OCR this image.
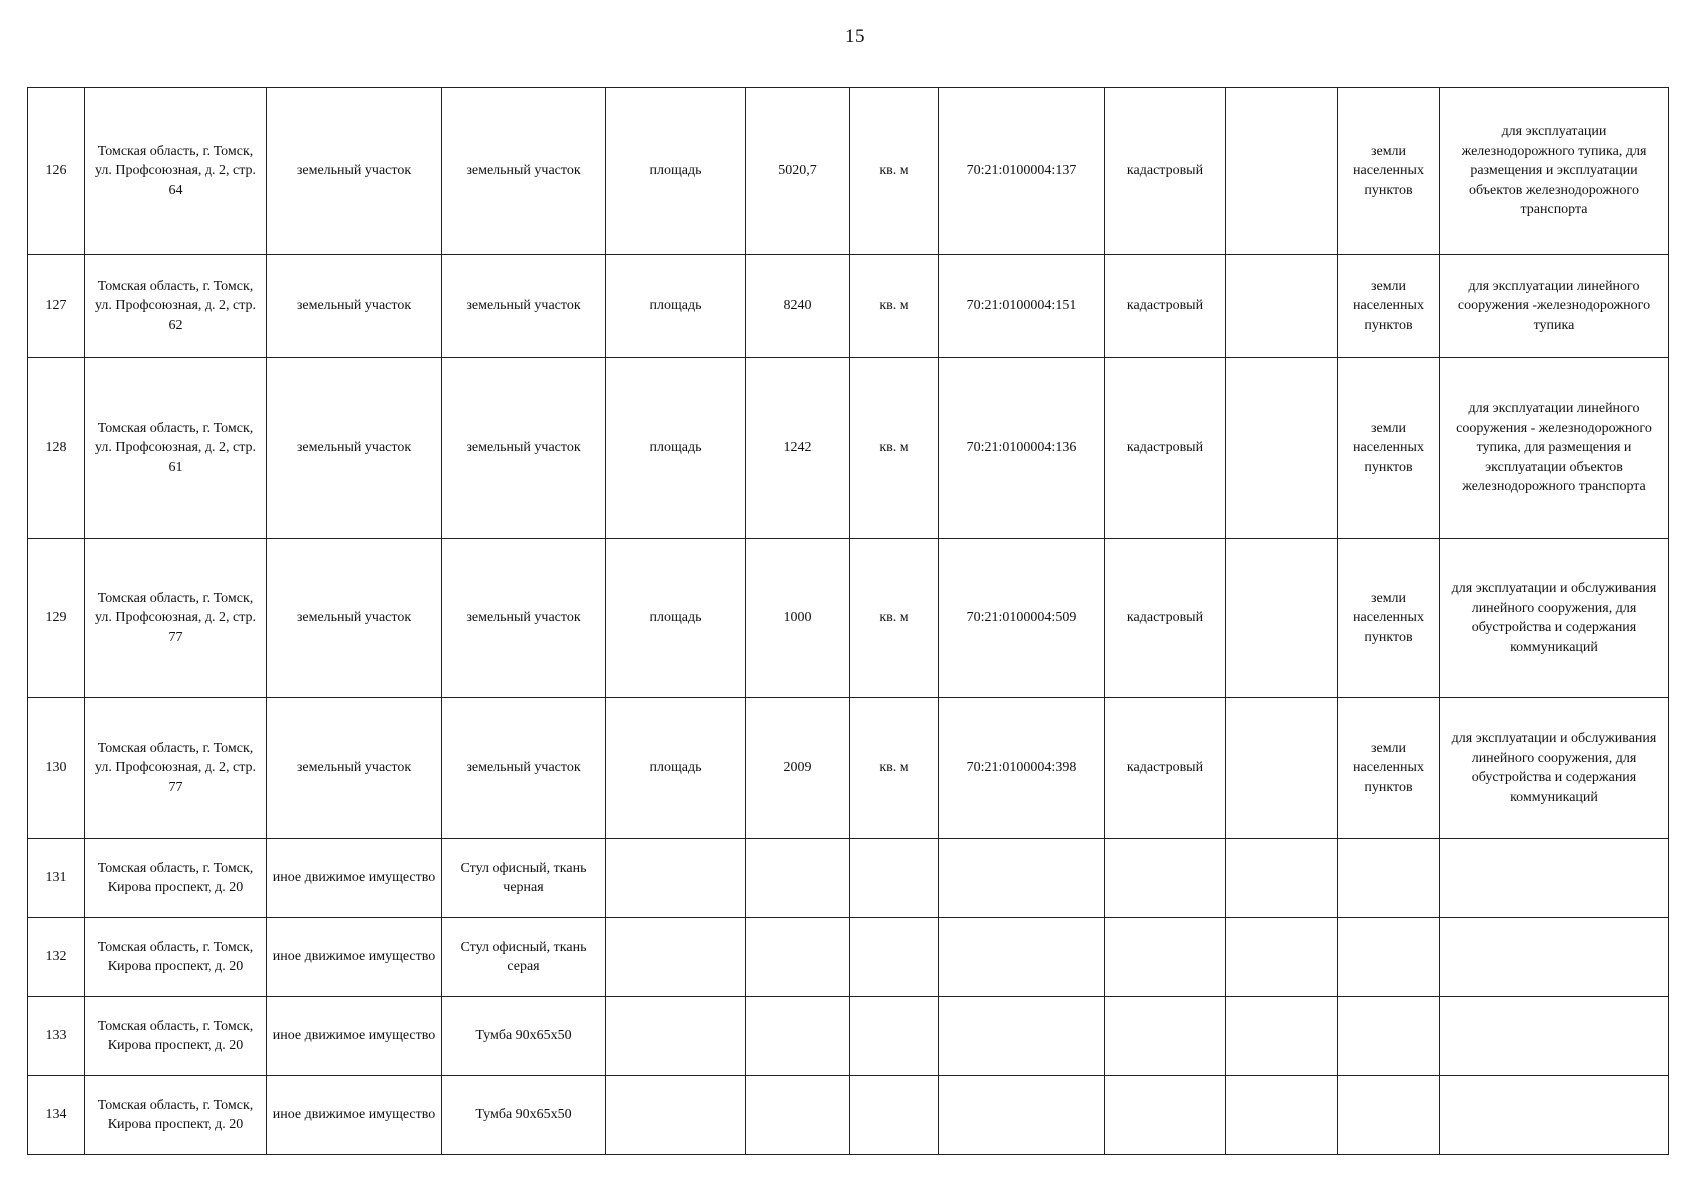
15
126	Томская область, г. Томск, ул. Профсоюзная, д. 2, стр. 64	земельный участок	земельный участок	площадь	5020,7	кв. м	70:21:0100004:137	кадастровый		земли населенных пунктов	для эксплуатации железнодорожного тупика, для размещения и эксплуатации объектов железнодорожного транспорта
127	Томская область, г. Томск, ул. Профсоюзная, д. 2, стр. 62	земельный участок	земельный участок	площадь	8240	кв. м	70:21:0100004:151	кадастровый		земли населенных пунктов	для эксплуатации линейного сооружения -железнодорожного тупика
128	Томская область, г. Томск, ул. Профсоюзная, д. 2, стр. 61	земельный участок	земельный участок	площадь	1242	кв. м	70:21:0100004:136	кадастровый		земли населенных пунктов	для эксплуатации линейного сооружения - железнодорожного тупика, для размещения и эксплуатации объектов железнодорожного транспорта
129	Томская область, г. Томск, ул. Профсоюзная, д. 2, стр. 77	земельный участок	земельный участок	площадь	1000	кв. м	70:21:0100004:509	кадастровый		земли населенных пунктов	для эксплуатации и обслуживания линейного сооружения, для обустройства и содержания коммуникаций
130	Томская область, г. Томск, ул. Профсоюзная, д. 2, стр. 77	земельный участок	земельный участок	площадь	2009	кв. м	70:21:0100004:398	кадастровый		земли населенных пунктов	для эксплуатации и обслуживания линейного сооружения, для обустройства и содержания коммуникаций
131	Томская область, г. Томск, Кирова проспект, д. 20	иное движимое имущество	Стул офисный, ткань черная								
132	Томская область, г. Томск, Кирова проспект, д. 20	иное движимое имущество	Стул офисный, ткань серая								
133	Томская область, г. Томск, Кирова проспект, д. 20	иное движимое имущество	Тумба 90х65х50								
134	Томская область, г. Томск, Кирова проспект, д. 20	иное движимое имущество	Тумба 90х65х50								
